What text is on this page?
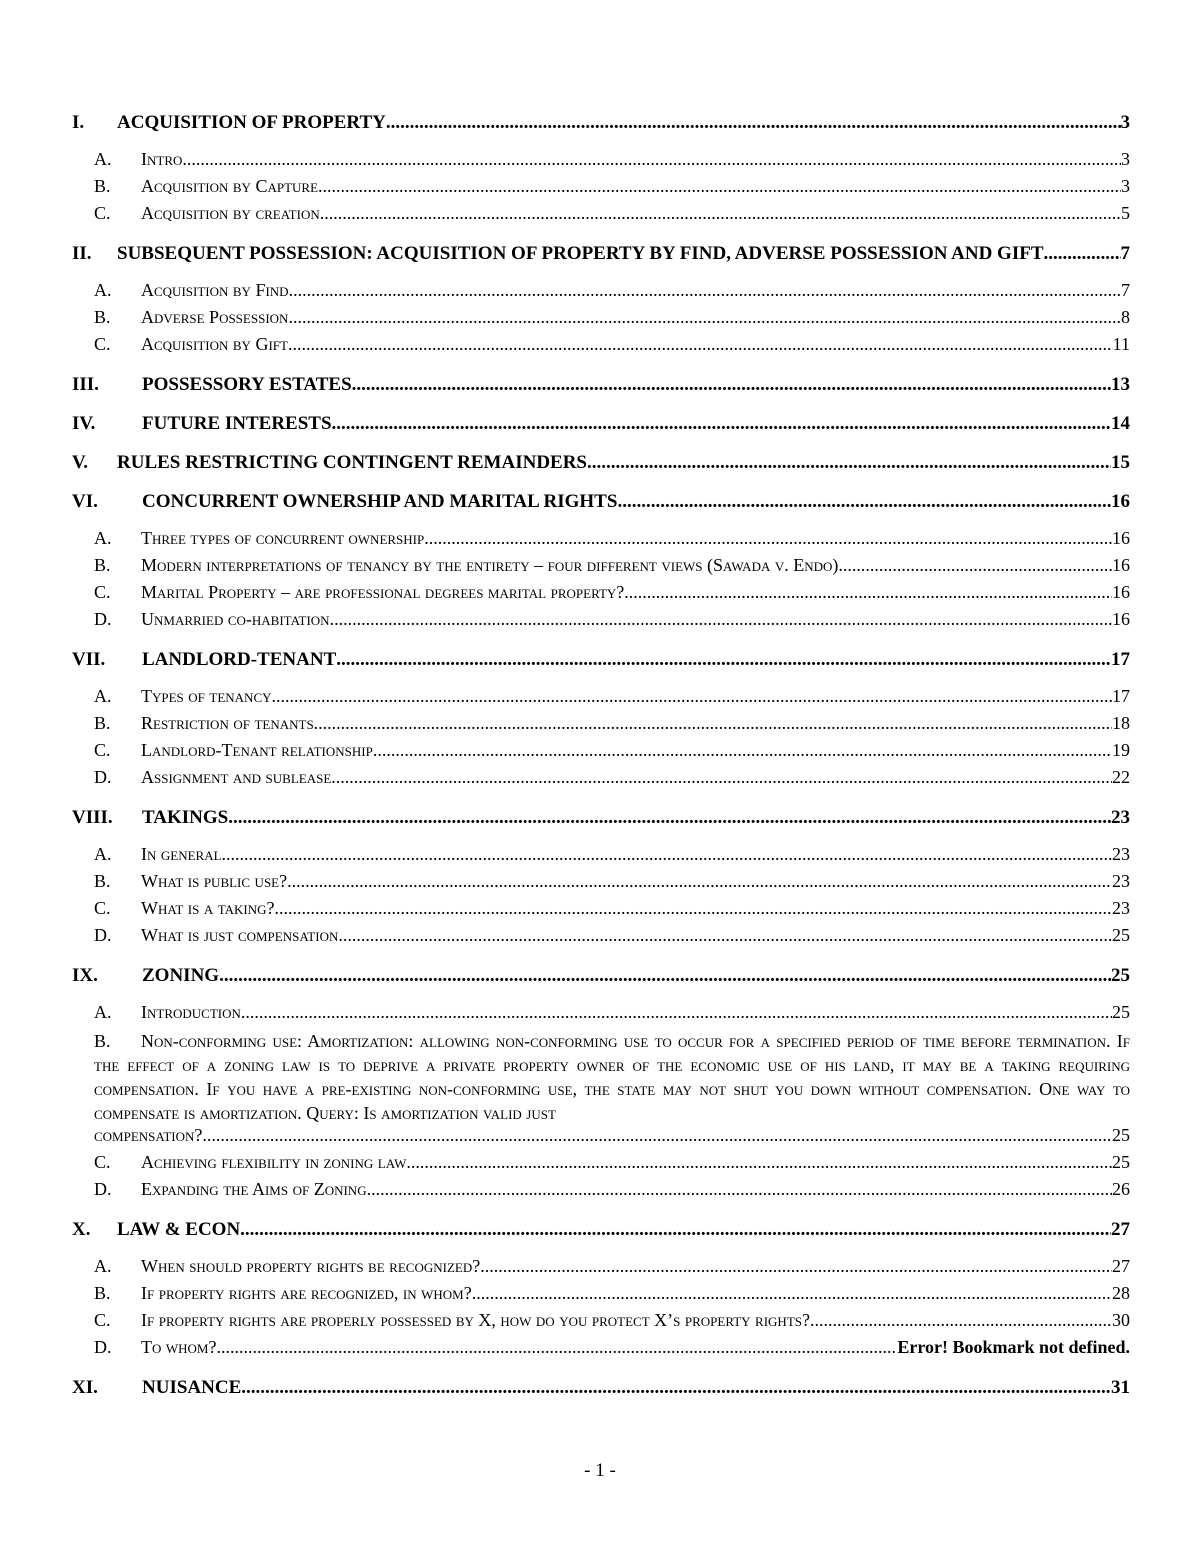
I.	ACQUISITION OF PROPERTY .....	3
A.	Intro .....	3
B.	Acquisition by Capture .....	3
C.	Acquisition by creation .....	5
II.	SUBSEQUENT POSSESSION: ACQUISITION OF PROPERTY BY FIND, ADVERSE POSSESSION AND GIFT .....	7
A.	Acquisition by Find .....	7
B.	Adverse Possession .....	8
C.	Acquisition by Gift .....	11
III.	POSSESSORY ESTATES .....	13
IV.	FUTURE INTERESTS .....	14
V.	RULES RESTRICTING CONTINGENT REMAINDERS .....	15
VI.	CONCURRENT OWNERSHIP AND MARITAL RIGHTS .....	16
A.	Three types of concurrent ownership .....	16
B.	Modern interpretations of tenancy by the entirety – four different views (Sawada v. Endo) .....	16
C.	Marital Property – are professional degrees marital property? .....	16
D.	Unmarried co-habitation .....	16
VII.	LANDLORD-TENANT .....	17
A.	Types of tenancy .....	17
B.	Restriction of tenants .....	18
C.	Landlord-Tenant relationship .....	19
D.	Assignment and sublease .....	22
VIII.	TAKINGS .....	23
A.	In general .....	23
B.	What is public use? .....	23
C.	What is a taking? .....	23
D.	What is just compensation .....	25
IX.	ZONING .....	25
A.	Introduction .....	25
B. Non-conforming use: Amortization: allowing non-conforming use to occur for a specified period of time before termination. If the effect of a zoning law is to deprive a private property owner of the economic use of his land, it may be a taking requiring compensation. If you have a pre-existing non-conforming use, the state may not shut you down without compensation. One way to compensate is amortization. Query: Is amortization valid just
compensation? .....	25
C.	Achieving flexibility in zoning law .....	25
D.	Expanding the Aims of Zoning .....	26
X.	LAW & ECON .....	27
A.	When should property rights be recognized? .....	27
B.	If property rights are recognized, in whom? .....	28
C.	If property rights are properly possessed by X, how do you protect X’s property rights? .....	30
D.	To whom? .....	Error! Bookmark not defined.
XI.	NUISANCE .....	31
- 1 -
